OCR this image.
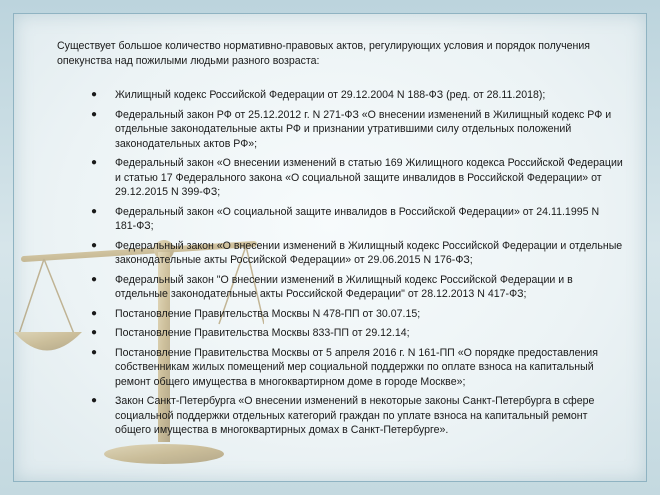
Существует большое количество нормативно-правовых актов, регулирующих условия и порядок получения опекунства над пожилыми людьми разного возраста:

● Жилищный кодекс Российской Федерации от 29.12.2004 N 188-ФЗ (ред. от 28.11.2018);
● Федеральный закон РФ от 25.12.2012 г. N 271-ФЗ «О внесении изменений в Жилищный кодекс РФ и отдельные законодательные акты РФ и признании утратившими силу отдельных положений законодательных актов РФ»;
● Федеральный закон «О внесении изменений в статью 169 Жилищного кодекса Российской Федерации и статью 17 Федерального закона «О социальной защите инвалидов в Российской Федерации» от 29.12.2015 N 399-ФЗ;
● Федеральный закон «О социальной защите инвалидов в Российской Федерации» от 24.11.1995 N 181-ФЗ;
● Федеральный закон «О внесении изменений в Жилищный кодекс Российской Федерации и отдельные законодательные акты Российской Федерации» от 29.06.2015 N 176-ФЗ;
● Федеральный закон "О внесении изменений в Жилищный кодекс Российской Федерации и в отдельные законодательные акты Российской Федерации" от 28.12.2013 N 417-ФЗ;
● Постановление Правительства Москвы N 478-ПП от 30.07.15;
● Постановление Правительства Москвы 833-ПП от 29.12.14;
● Постановление Правительства Москвы от 5 апреля 2016 г. N 161-ПП «О порядке предоставления собственникам жилых помещений мер социальной поддержки по оплате взноса на капитальный ремонт общего имущества в многоквартирном доме в городе Москве»;
● Закон Санкт-Петербурга «О внесении изменений в некоторые законы Санкт-Петербурга в сфере социальной поддержки отдельных категорий граждан по уплате взноса на капитальный ремонт общего имущества в многоквартирных домах в Санкт-Петербурге».
